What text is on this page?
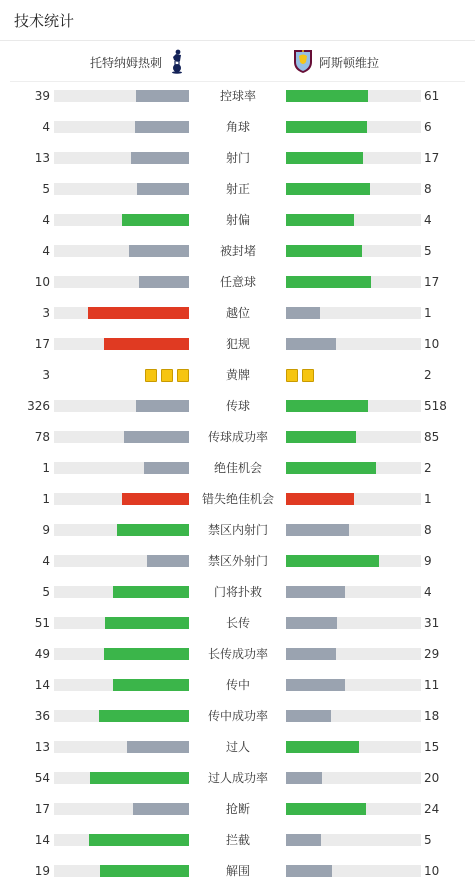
技术统计
托特纳姆热刺	阿斯顿维拉
39	控球率	61
4	角球	6
13	射门	17
5	射正	8
4	射偏	4
4	被封堵	5
10	任意球	17
3	越位	1
17	犯规	10
3	黄牌	2
326	传球	518
78	传球成功率	85
1	绝佳机会	2
1	错失绝佳机会	1
9	禁区内射门	8
4	禁区外射门	9
5	门将扑救	4
51	长传	31
49	长传成功率	29
14	传中	11
36	传中成功率	18
13	过人	15
54	过人成功率	20
17	抢断	24
14	拦截	5
19	解围	10
